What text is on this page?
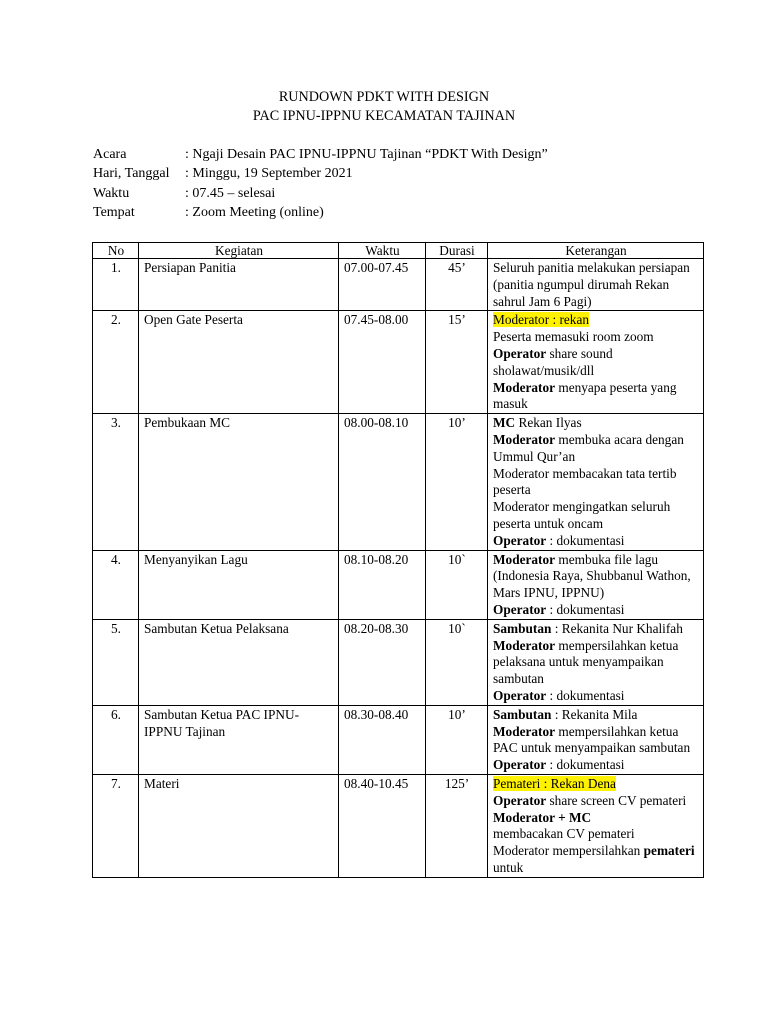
RUNDOWN PDKT WITH DESIGN
PAC IPNU-IPPNU KECAMATAN TAJINAN
Acara	: Ngaji Desain PAC IPNU-IPPNU Tajinan “PDKT With Design”
Hari, Tanggal : Minggu, 19 September 2021
Waktu	: 07.45 – selesai
Tempat	: Zoom Meeting (online)
No	Kegiatan	Waktu	Durasi	Keterangan
1.	Persiapan Panitia	07.00-07.45	45’	Seluruh panitia melakukan persiapan (panitia ngumpul dirumah Rekan sahrul Jam 6 Pagi)

2.	Open Gate Peserta	07.45-08.00	15’	Moderator : rekan
Peserta memasuki room zoom
Operator share sound sholawat/musik/dll
Moderator menyapa peserta yang masuk

3.	Pembukaan MC	08.00-08.10	10’	MC Rekan Ilyas
Moderator membuka acara dengan Ummul Qur’an
Moderator membacakan tata tertib peserta
Moderator mengingatkan seluruh peserta untuk oncam
Operator : dokumentasi

4.	Menyanyikan Lagu	08.10-08.20	10`	Moderator membuka file lagu (Indonesia Raya, Shubbanul Wathon, Mars IPNU, IPPNU)
Operator : dokumentasi

5.	Sambutan Ketua Pelaksana	08.20-08.30	10`	Sambutan : Rekanita Nur Khalifah
Moderator mempersilahkan ketua pelaksana untuk menyampaikan sambutan
Operator : dokumentasi

6.	Sambutan Ketua PAC IPNU-IPPNU Tajinan	08.30-08.40	10’	Sambutan : Rekanita Mila
Moderator mempersilahkan ketua PAC untuk menyampaikan sambutan
Operator : dokumentasi

7.	Materi	08.40-10.45	125’	Pemateri : Rekan Dena
Operator share screen CV pemateri
Moderator + MC
membacakan CV pemateri
Moderator mempersilahkan pemateri untuk
